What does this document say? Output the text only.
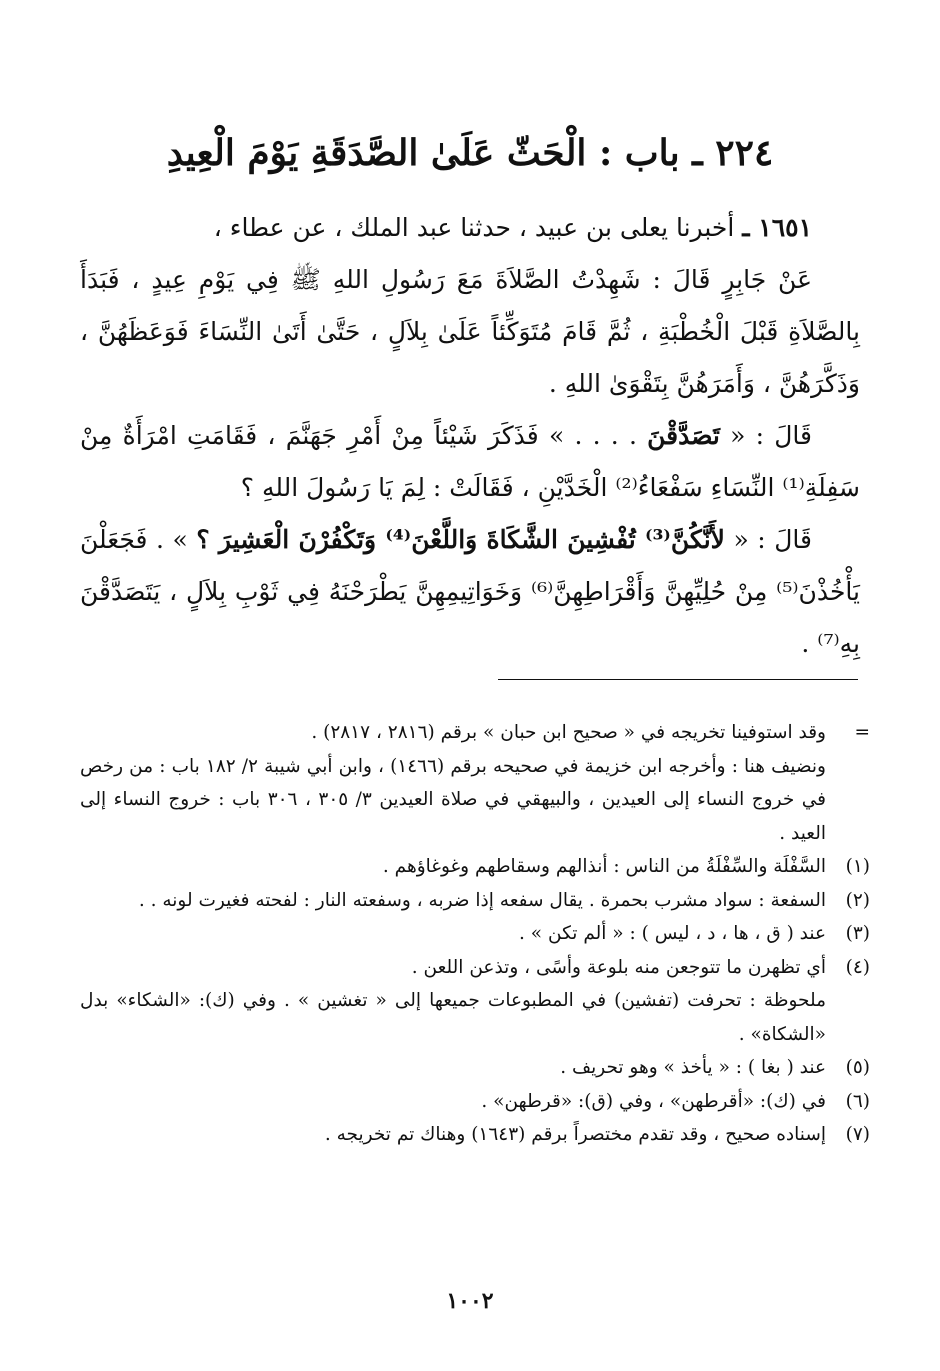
٢٢٤ ـ باب : الْحَثّ عَلَىٰ الصَّدَقَةِ يَوْمَ الْعِيدِ

١٦٥١ ـ أخبرنا يعلى بن عبيد ، حدثنا عبد الملك ، عن عطاء ،

عَنْ جَابِرٍ قَالَ : شَهِدْتُ الصَّلاَةَ مَعَ رَسُولِ اللهِ ﷺ فِي يَوْمِ عِيدٍ ، فَبَدَأَ بِالصَّلاَةِ قَبْلَ الْخُطْبَةِ ، ثُمَّ قَامَ مُتَوَكِّئاً عَلَىٰ بِلاَلٍ ، حَتَّىٰ أَتَىٰ النِّسَاءَ فَوَعَظَهُنَّ ، وَذَكَّرَهُنَّ ، وَأَمَرَهُنَّ بِتَقْوَىٰ اللهِ .

قَالَ : « تَصَدَّقْنَ . . . . » فَذَكَرَ شَيْئاً مِنْ أَمْرِ جَهَنَّمَ ، فَقَامَتِ امْرَأَةٌ مِنْ سَفِلَةِ⁽¹⁾ النِّسَاءِ سَفْعَاءُ⁽²⁾ الْخَدَّيْنِ ، فَقَالَتْ : لِمَ يَا رَسُولَ اللهِ ؟

قَالَ : « لأَنَّكُنَّ⁽³⁾ تُفْشِينَ الشَّكَاةَ وَاللَّعْنَ⁽⁴⁾ وَتَكْفُرْنَ الْعَشِيرَ ؟ » . فَجَعَلْنَ يَأْخُذْنَ⁽⁵⁾ مِنْ حُلِيِّهِنَّ وَأَقْرَاطِهِنَّ⁽⁶⁾ وَخَوَاتِيمِهِنَّ يَطْرَحْنَهُ فِي ثَوْبِ بِلاَلٍ ، يَتَصَدَّقْنَ بِهِ⁽⁷⁾ .

=
وقد استوفينا تخريجه في « صحيح ابن حبان » برقم (٢٨١٦ ، ٢٨١٧) .
ونضيف هنا : وأخرجه ابن خزيمة في صحيحه برقم (١٤٦٦) ، وابن أبي شيبة ٢/ ١٨٢ باب : من رخص في خروج النساء إلى العيدين ، والبيهقي في صلاة العيدين ٣/ ٣٠٥ ، ٣٠٦ باب : خروج النساء إلى العيد .
(١)
السَّفْلَة والسِّفْلَةُ من الناس : أنذالهم وسقاطهم وغوغاؤهم .
(٢)
السفعة : سواد مشرب بحمرة . يقال سفعه إذا ضربه ، وسفعته النار : لفحته فغيرت لونه . .
(٣)
عند ( ق ، ها ، د ، ليس ) : « ألم تكن » .
(٤)
أي تظهرن ما تتوجعن منه بلوعة وأسًى ، وتذعن اللعن .
ملحوظة : تحرفت (تفشين) في المطبوعات جميعها إلى « تغشين » . وفي (ك): «الشكاء» بدل «الشكاة» .
(٥)
عند ( بغا ) : « يأخذ » وهو تحريف .
(٦)
في (ك): «أقرطهن» ، وفي (ق): «قرطهن» .
(٧)
إسناده صحيح ، وقد تقدم مختصراً برقم (١٦٤٣) وهناك تم تخريجه .
١٠٠٢
